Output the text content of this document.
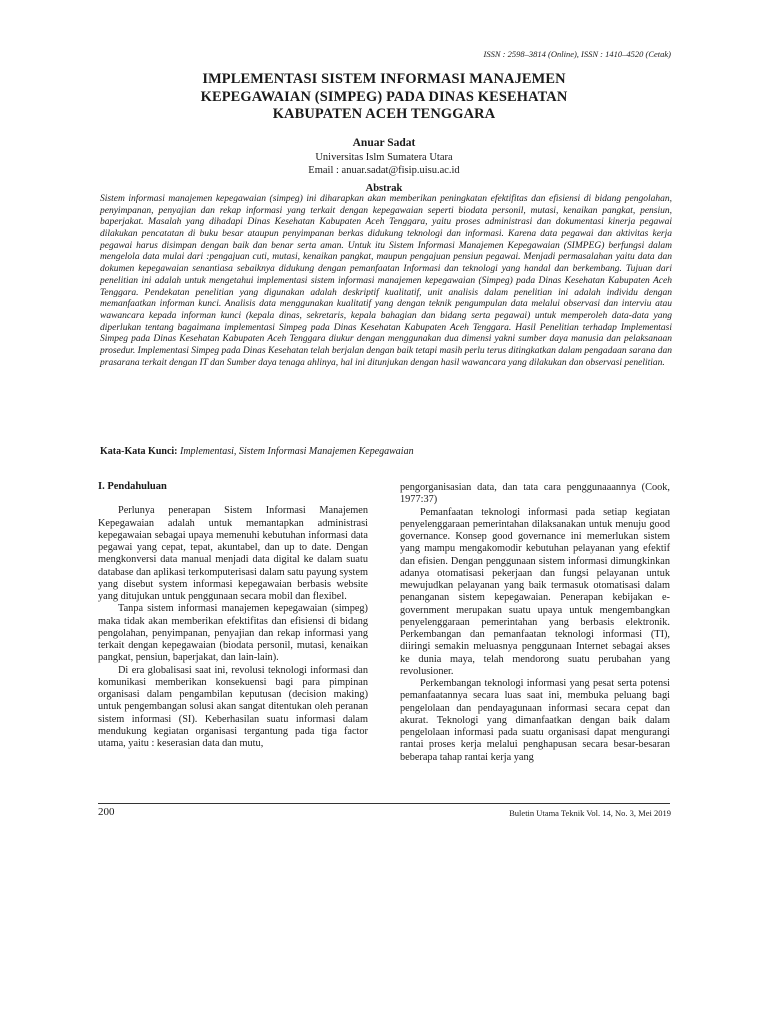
ISSN : 2598–3814 (Online), ISSN : 1410–4520 (Cetak)
IMPLEMENTASI SISTEM INFORMASI MANAJEMEN
KEPEGAWAIAN (SIMPEG) PADA DINAS KESEHATAN
KABUPATEN ACEH TENGGARA
Anuar Sadat
Universitas Islm Sumatera Utara
Email : anuar.sadat@fisip.uisu.ac.id
Abstrak

Sistem informasi manajemen kepegawaian (simpeg) ini diharapkan akan memberikan peningkatan efektifitas dan efisiensi di bidang pengolahan, penyimpanan, penyajian dan rekap informasi yang terkait dengan kepegawaian seperti biodata personil, mutasi, kenaikan pangkat, pensiun, baperjakat. Masalah yang dihadapi Dinas Kesehatan Kabupaten Aceh Tenggara, yaitu proses administrasi dan dokumentasi kinerja pegawai dilakukan pencatatan di buku besar ataupun penyimpanan berkas didukung teknologi dan informasi. Karena data pegawai dan aktivitas kerja pegawai harus disimpan dengan baik dan benar serta aman. Untuk itu Sistem Informasi Manajemen Kepegawaian (SIMPEG) berfungsi dalam mengelola data mulai dari :pengajuan cuti, mutasi, kenaikan pangkat, maupun pengajuan pensiun pegawai. Menjadi permasalahan yaitu data dan dokumen kepegawaian senantiasa sebaiknya didukung dengan pemanfaatan Informasi dan teknologi yang handal dan berkembang. Tujuan dari penelitian ini adalah untuk mengetahui implementasi sistem informasi manajemen kepegawaian (Simpeg) pada Dinas Kesehatan Kabupaten Aceh Tenggara. Pendekatan penelitian yang digunakan adalah deskriptif kualitatif, unit analisis dalam penelitian ini adalah individu dengan memanfaatkan informan kunci. Analisis data menggunakan kualitatif yang dengan teknik pengumpulan data melalui observasi dan interviu atau wawancara kepada informan kunci (kepala dinas, sekretaris, kepala bahagian dan bidang serta pegawai) untuk memperoleh data-data yang diperlukan tentang bagaimana implementasi Simpeg pada Dinas Kesehatan Kabupaten Aceh Tenggara. Hasil Penelitian terhadap Implementasi Simpeg pada Dinas Kesehatan Kabupaten Aceh Tenggara diukur dengan menggunakan dua dimensi yakni sumber daya manusia dan pelaksanaan prosedur. Implementasi Simpeg pada Dinas Kesehatan telah berjalan dengan baik tetapi masih perlu terus ditingkatkan dalam pengadaan sarana dan prasarana terkait dengan IT dan Sumber daya tenaga ahlinya, hal ini ditunjukan dengan hasil wawancara yang dilakukan dan observasi penelitian.

Kata-Kata Kunci: Implementasi, Sistem Informasi Manajemen Kepegawaian
I. Pendahuluan

Perlunya penerapan Sistem Informasi Manajemen Kepegawaian adalah untuk memantapkan administrasi kepegawaian sebagai upaya memenuhi kebutuhan informasi data pegawai yang cepat, tepat, akuntabel, dan up to date. Dengan mengkonversi data manual menjadi data digital ke dalam suatu database dan aplikasi terkomputerisasi dalam satu payung system yang disebut system informasi kepegawaian berbasis website yang ditujukan untuk penggunaan secara mobil dan flexibel.

Tanpa sistem informasi manajemen kepegawaian (simpeg) maka tidak akan memberikan efektifitas dan efisiensi di bidang pengolahan, penyimpanan, penyajian dan rekap informasi yang terkait dengan kepegawaian (biodata personil, mutasi, kenaikan pangkat, pensiun, baperjakat, dan lain-lain).

Di era globalisasi saat ini, revolusi teknologi informasi dan komunikasi memberikan konsekuensi bagi para pimpinan organisasi dalam pengambilan keputusan (decision making) untuk pengembangan solusi akan sangat ditentukan oleh peranan sistem informasi (SI). Keberhasilan suatu informasi dalam mendukung kegiatan organisasi tergantung pada tiga factor utama, yaitu : keserasian data dan mutu,

pengorganisasian data, dan tata cara penggunaaannya (Cook, 1977:37)

Pemanfaatan teknologi informasi pada setiap kegiatan penyelenggaraan pemerintahan dilaksanakan untuk menuju good governance. Konsep good governance ini memerlukan sistem yang mampu mengakomodir kebutuhan pelayanan yang efektif dan efisien. Dengan penggunaan sistem informasi dimungkinkan adanya otomatisasi pekerjaan dan fungsi pelayanan untuk mewujudkan pelayanan yang baik termasuk otomatisasi dalam penanganan sistem kepegawaian. Penerapan kebijakan e-government merupakan suatu upaya untuk mengembangkan penyelenggaraan pemerintahan yang berbasis elektronik. Perkembangan dan pemanfaatan teknologi informasi (TI), diiringi semakin meluasnya penggunaan Internet sebagai akses ke dunia maya, telah mendorong suatu perubahan yang revolusioner.

Perkembangan teknologi informasi yang pesat serta potensi pemanfaatannya secara luas saat ini, membuka peluang bagi pengelolaan dan pendayagunaan informasi secara cepat dan akurat. Teknologi yang dimanfaatkan dengan baik dalam pengelolaan informasi pada suatu organisasi dapat mengurangi rantai proses kerja melalui penghapusan secara besar-besaran beberapa tahap rantai kerja yang

200	Buletin Utama Teknik Vol. 14, No. 3, Mei 2019
